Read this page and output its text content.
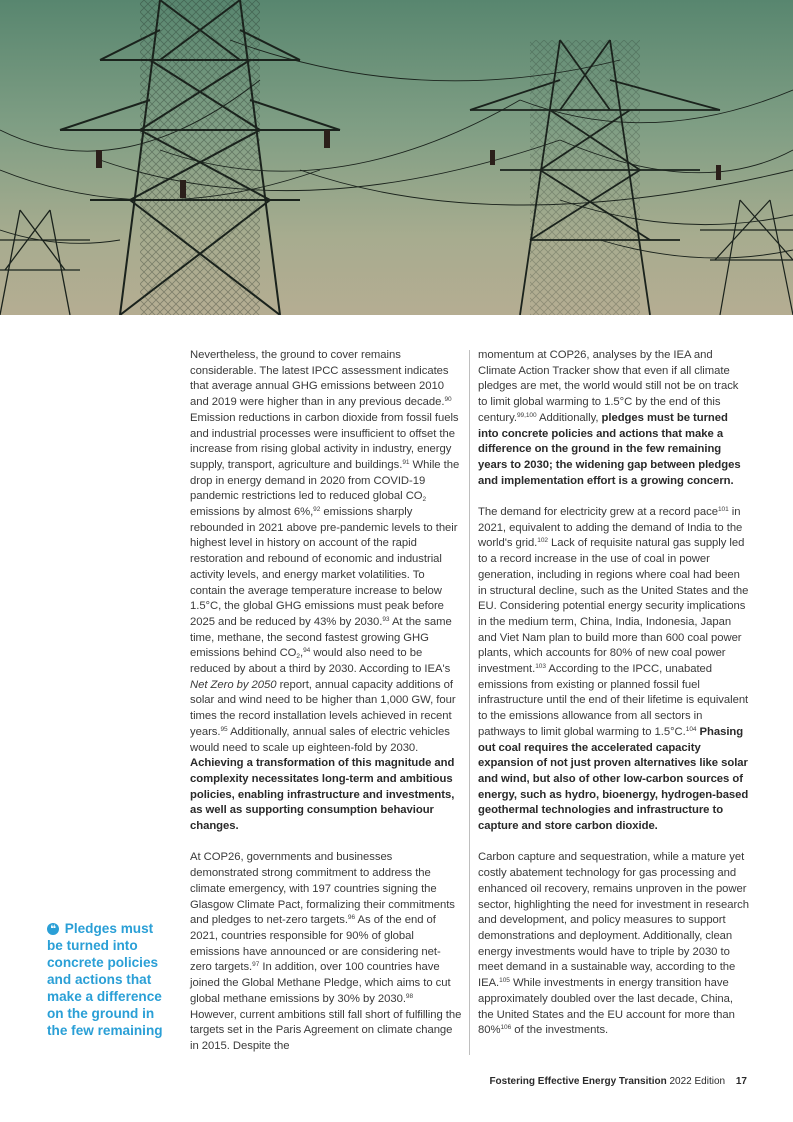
Nevertheless, the ground to cover remains considerable. The latest IPCC assessment indicates that average annual GHG emissions between 2010 and 2019 were higher than in any previous decade.$^{90}$ Emission reductions in carbon dioxide from fossil fuels and industrial processes were insufficient to offset the increase from rising global activity in industry, energy supply, transport, agriculture and buildings.$^{91}$ While the drop in energy demand in 2020 from COVID-19 pandemic restrictions led to reduced global $CO_2$ emissions by almost 6%,$^{92}$ emissions sharply rebounded in 2021 above pre-pandemic levels to their highest level in history on account of the rapid restoration and rebound of economic and industrial activity levels, and energy market volatilities. To contain the average temperature increase to below 1.5°C, the global GHG emissions must peak before 2025 and be reduced by 43% by 2030.93 At the same time, methane, the second fastest growing GHG emissions behind $CO_2,^{94}$ would also need to be reduced by about a third by 2030. According to IEA's Net Zero by 2050 report, annual capacity additions of solar and wind need to be higher than 1,000 GW, four times the record installation levels achieved in recent years.$^{95}$ Additionally, annual sales of electric vehicles would need to scale up eighteen-fold by 2030. Achieving a transformation of this magnitude and complexity necessitates long-term and ambitious policies, enabling infrastructure and investments, as well as supporting consumption behaviour changes.

At COP26, governments and businesses demonstrated strong commitment to address the climate emergency, with 197 countries signing the Glasgow Climate Pact, formalizing their commitments and pledges to net-zero targets.$^{96}$ As of the end of 2021, countries responsible for 90% of global emissions have announced or are considering net-zero targets.$^{97}$ In addition, over 100 countries have joined the Global Methane Pledge, which aims to cut global methane emissions by 30% by 2030.98 However, current ambitions still fall short of fulfilling the targets set in the Paris Agreement on climate change in 2015. Despite the

momentum at COP26, analyses by the IEA and Climate Action Tracker show that even if all climate pledges are met, the world would still not be on track to limit global warming to 1.5°C by the end of this century.$^{99,100}$ Additionally, pledges must be turned into concrete policies and actions that make a difference on the ground in the few remaining years to 2030; the widening gap between pledges and implementation effort is a growing concern.

The demand for electricity grew at a record pace$^{101}$ in 2021, equivalent to adding the demand of India to the world's grid.$^{102}$ Lack of requisite natural gas supply led to a record increase in the use of coal in power generation, including in regions where coal had been in structural decline, such as the United States and the EU. Considering potential energy security implications in the medium term, China, India, Indonesia, Japan and Viet Nam plan to build more than 600 coal power plants, which accounts for 80% of new coal power investment.$^{103}$ According to the IPCC, unabated emissions from existing or planned fossil fuel infrastructure until the end of their lifetime is equivalent to the emissions allowance from all sectors in pathways to limit global warming to 1.5°C.$^{104}$ Phasing out coal requires the accelerated capacity expansion of not just proven alternatives like solar and wind, but also of other low-carbon sources of energy, such as hydro, bioenergy, hydrogen-based geothermal technologies and infrastructure to capture and store carbon dioxide.

Carbon capture and sequestration, while a mature yet costly abatement technology for gas processing and enhanced oil recovery, remains unproven in the power sector, highlighting the need for investment in research and development, and policy measures to support demonstrations and deployment. Additionally, clean energy investments would have to triple by 2030 to meet demand in a sustainable way, according to the IEA.$^{105}$ While investments in energy transition have approximately doubled over the last decade, China, the United States and the EU account for more than 80%$^{106}$ of the investments.

❝ Pledges must be turned into concrete policies and actions that make a difference on the ground in the few remaining
Fostering Effective Energy Transition 2022 Edition 17
